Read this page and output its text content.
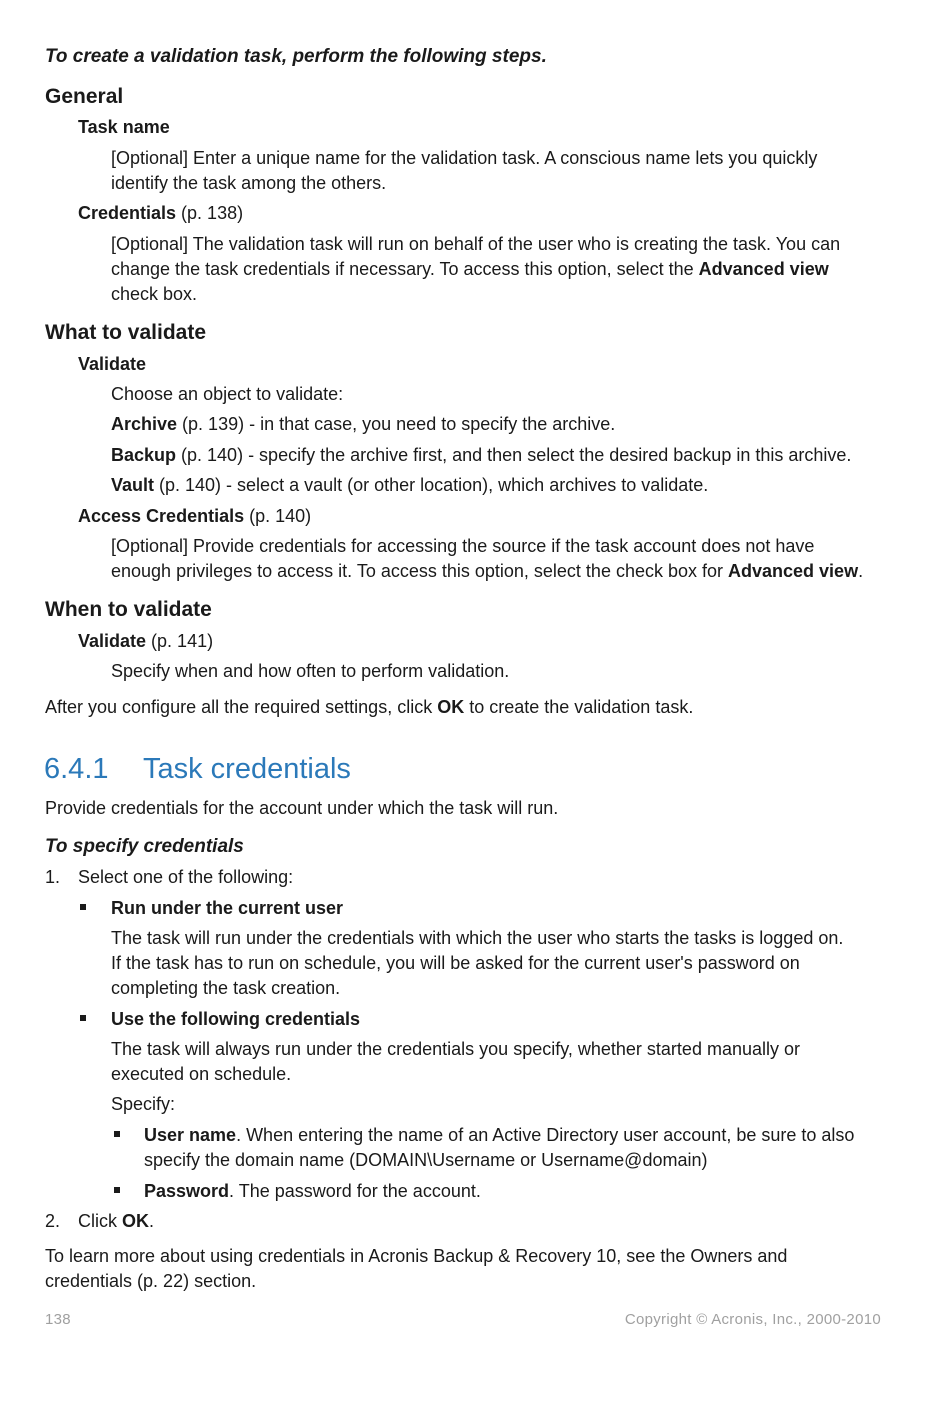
To create a validation task, perform the following steps.
General
Task name
[Optional] Enter a unique name for the validation task. A conscious name lets you quickly
identify the task among the others.
Credentials (p. 138)
[Optional] The validation task will run on behalf of the user who is creating the task. You can
change the task credentials if necessary. To access this option, select the Advanced view
check box.
What to validate
Validate
Choose an object to validate:
Archive (p. 139) - in that case, you need to specify the archive.
Backup (p. 140) - specify the archive first, and then select the desired backup in this archive.
Vault (p. 140) - select a vault (or other location), which archives to validate.
Access Credentials (p. 140)
[Optional] Provide credentials for accessing the source if the task account does not have
enough privileges to access it. To access this option, select the check box for Advanced view.
When to validate
Validate (p. 141)
Specify when and how often to perform validation.
After you configure all the required settings, click OK to create the validation task.
6.4.1 Task credentials
Provide credentials for the account under which the task will run.
To specify credentials
1. Select one of the following:
Run under the current user
The task will run under the credentials with which the user who starts the tasks is logged on.
If the task has to run on schedule, you will be asked for the current user's password on
completing the task creation.
Use the following credentials
The task will always run under the credentials you specify, whether started manually or
executed on schedule.
Specify:
User name. When entering the name of an Active Directory user account, be sure to also
specify the domain name (DOMAIN\Username or Username@domain)
Password. The password for the account.
2. Click OK.
To learn more about using credentials in Acronis Backup & Recovery 10, see the Owners and
credentials (p. 22) section.
138	Copyright © Acronis, Inc., 2000-2010
